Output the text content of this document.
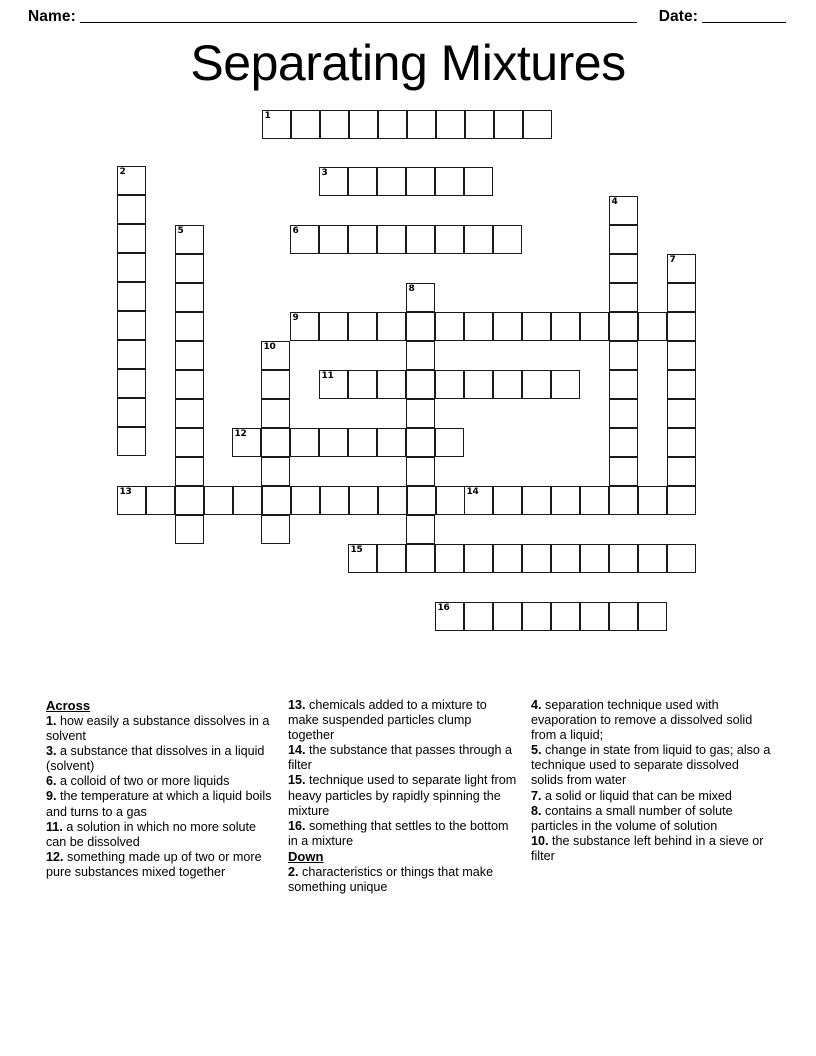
Name:	Date:
Separating Mixtures
1
2	3
4
5	6
7
8
9
10
11
12
13	14
15
16
Across

1. how easily a substance dissolves in a solvent

3. a substance that dissolves in a liquid (solvent)

6. a colloid of two or more liquids

9. the temperature at which a liquid boils and turns to a gas

11. a solution in which no more solute can be dissolved

12. something made up of two or more pure substances mixed together

13. chemicals added to a mixture to make suspended particles clump together

14. the substance that passes through a filter

15. technique used to separate light from heavy particles by rapidly spinning the mixture

16. something that settles to the bottom in a mixture

Down

2. characteristics or things that make something unique

4. separation technique used with evaporation to remove a dissolved solid from a liquid;

5. change in state from liquid to gas; also a technique used to separate dissolved solids from water

7. a solid or liquid that can be mixed

8. contains a small number of solute particles in the volume of solution

10. the substance left behind in a sieve or filter
